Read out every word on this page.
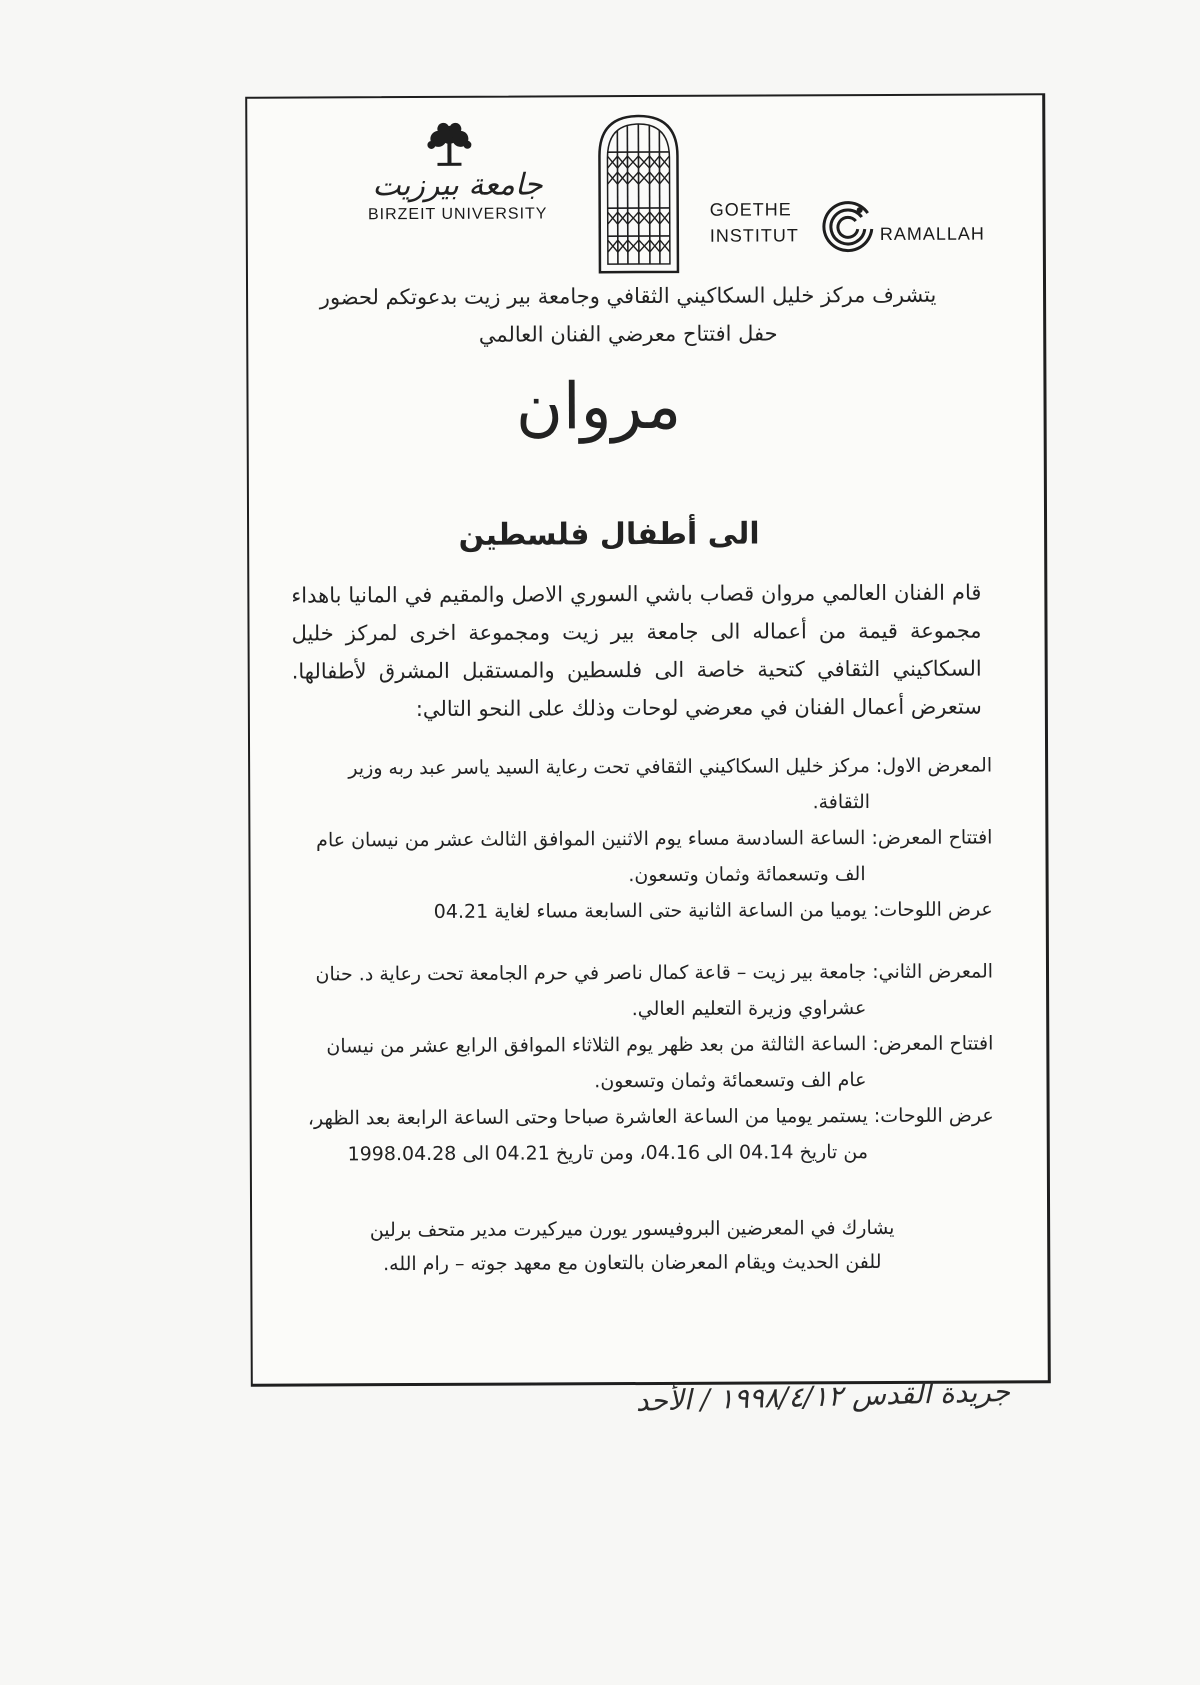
جامعة بيرزيت
BIRZEIT UNIVERSITY	GOETHE
INSTITUT	RAMALLAH
يتشرف مركز خليل السكاكيني الثقافي وجامعة بير زيت بدعوتكم لحضور
حفل افتتاح معرضي الفنان العالمي
مروان
الى أطفال فلسطين
قام الفنان العالمي مروان قصاب باشي السوري الاصل والمقيم في المانيا باهداء مجموعة قيمة من أعماله الى جامعة بير زيت ومجموعة اخرى لمركز خليل السكاكيني الثقافي كتحية خاصة الى فلسطين والمستقبل المشرق لأطفالها. ستعرض أعمال الفنان في معرضي لوحات وذلك على النحو التالي:
المعرض الاول:
مركز خليل السكاكيني الثقافي تحت رعاية السيد ياسر عبد ربه وزير الثقافة.
افتتاح المعرض:
الساعة السادسة مساء يوم الاثنين الموافق الثالث عشر من نيسان عام الف وتسعمائة وثمان وتسعون.
عرض اللوحات:
يوميا من الساعة الثانية حتى السابعة مساء لغاية 04.21
المعرض الثاني:
جامعة بير زيت – قاعة كمال ناصر في حرم الجامعة تحت رعاية د. حنان عشراوي وزيرة التعليم العالي.
افتتاح المعرض:
الساعة الثالثة من بعد ظهر يوم الثلاثاء الموافق الرابع عشر من نيسان عام الف وتسعمائة وثمان وتسعون.
عرض اللوحات:
يستمر يوميا من الساعة العاشرة صباحا وحتى الساعة الرابعة بعد الظهر، من تاريخ 04.14 الى 04.16، ومن تاريخ 04.21 الى 1998.04.28
يشارك في المعرضين البروفيسور يورن ميركيرت مدير متحف برلين
للفن الحديث ويقام المعرضان بالتعاون مع معهد جوته – رام الله.
جريدة القدس ١٩٩٨/٤/١٢ / الأحد
